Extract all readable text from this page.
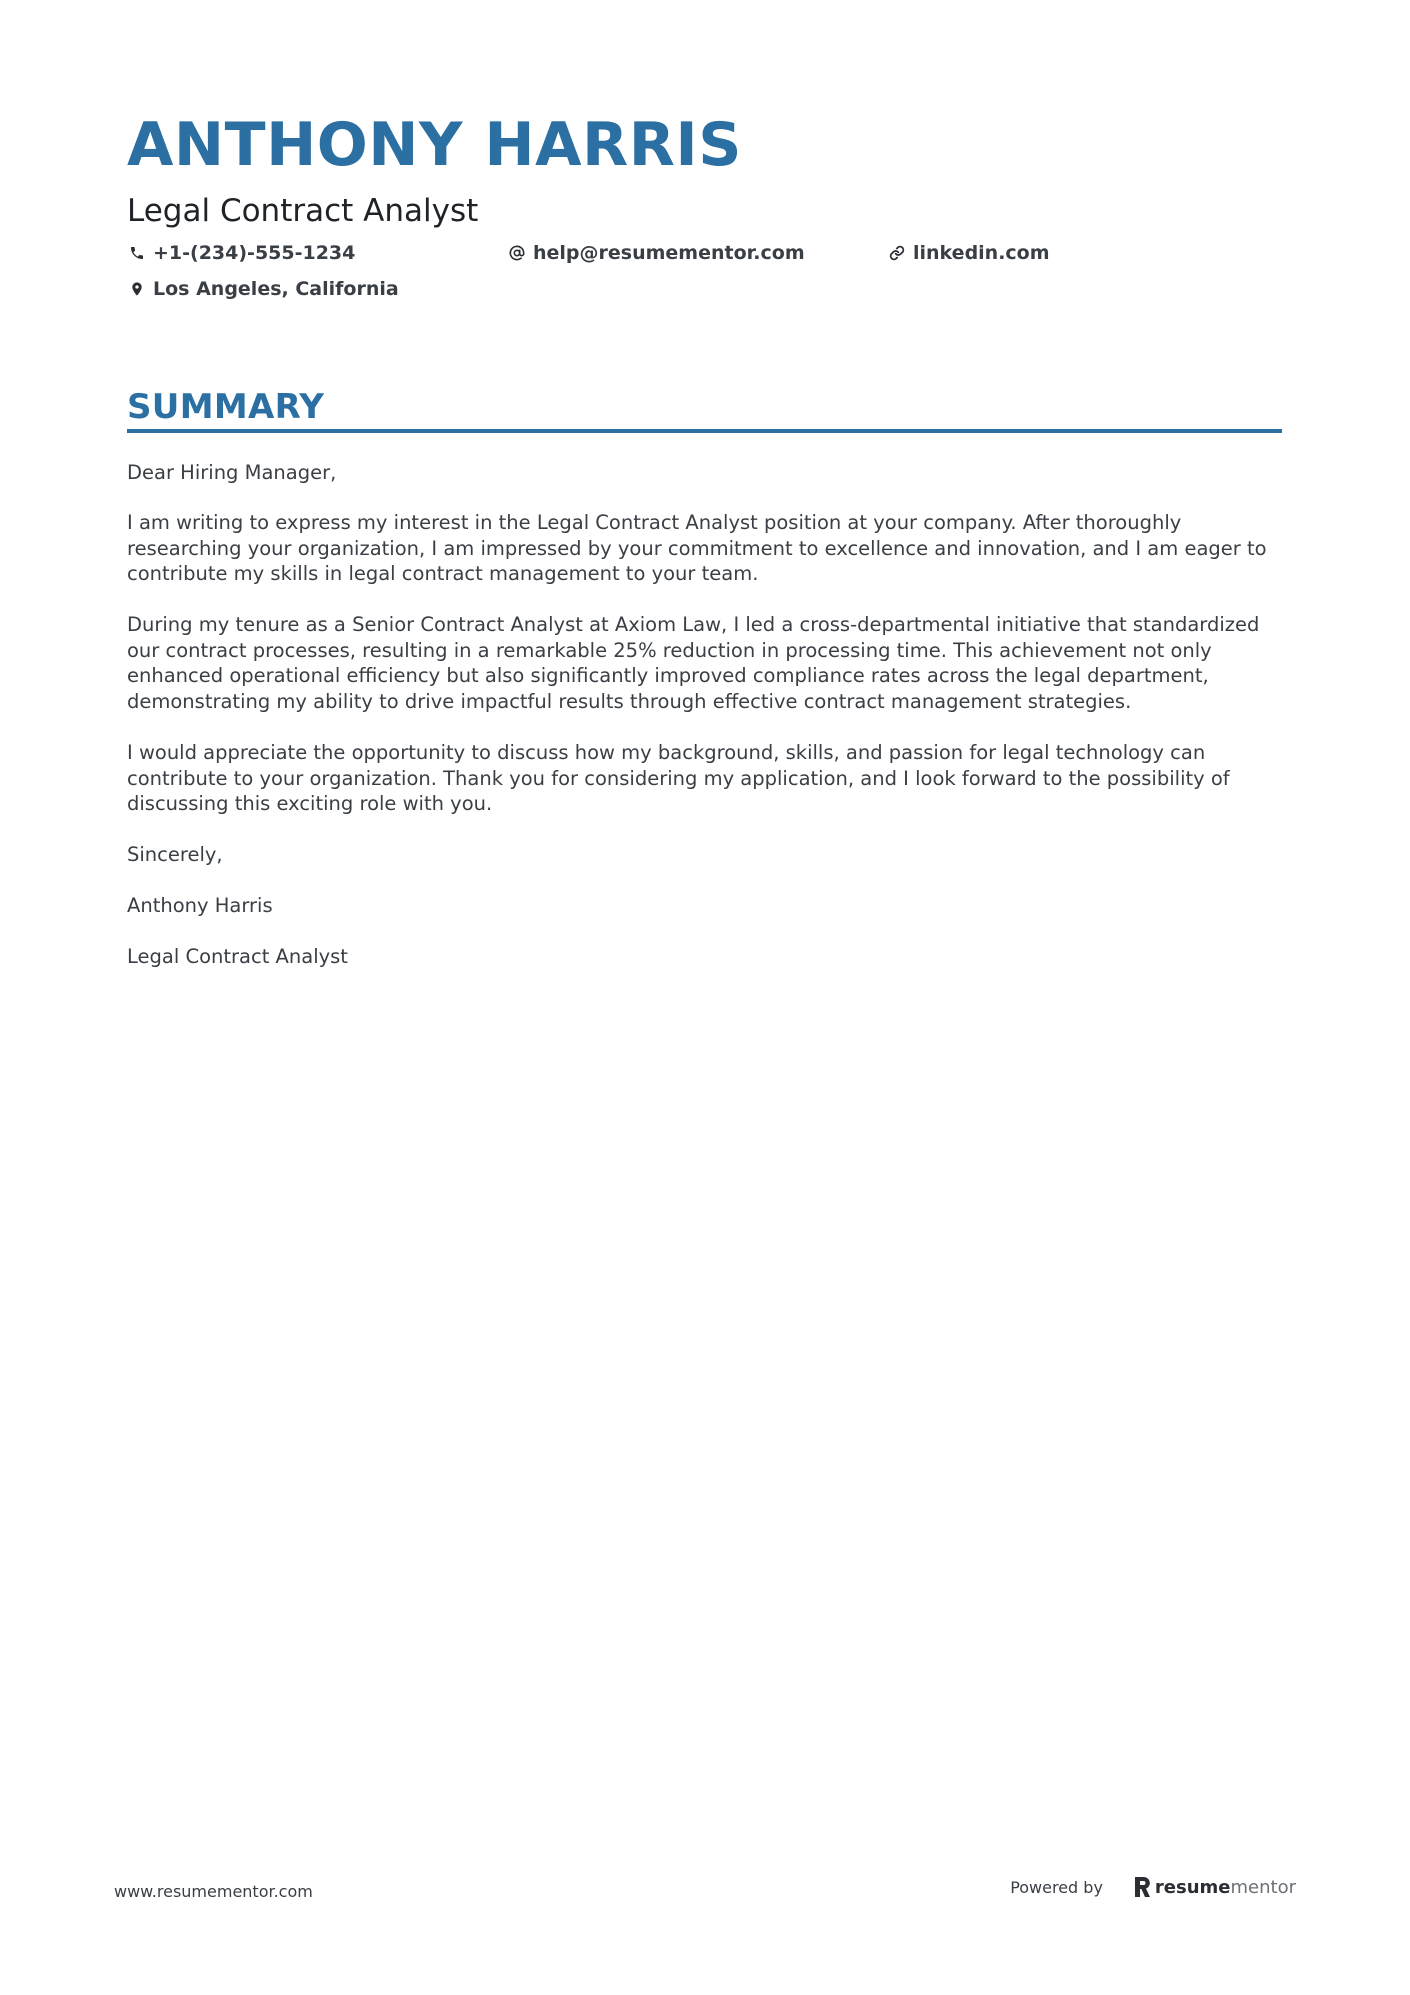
ANTHONY HARRIS
Legal Contract Analyst
+1-(234)-555-1234	help@resumementor.com	linkedin.com
Los Angeles, California
SUMMARY

Dear Hiring Manager,

I am writing to express my interest in the Legal Contract Analyst position at your company. After thoroughly researching your organization, I am impressed by your commitment to excellence and innovation, and I am eager to contribute my skills in legal contract management to your team.

During my tenure as a Senior Contract Analyst at Axiom Law, I led a cross-departmental initiative that standardized our contract processes, resulting in a remarkable 25% reduction in processing time. This achievement not only enhanced operational efficiency but also significantly improved compliance rates across the legal department, demonstrating my ability to drive impactful results through effective contract management strategies.

I would appreciate the opportunity to discuss how my background, skills, and passion for legal technology can contribute to your organization. Thank you for considering my application, and I look forward to the possibility of discussing this exciting role with you.

Sincerely,

Anthony Harris

Legal Contract Analyst

www.resumementor.com	Powered by	resume mentor
